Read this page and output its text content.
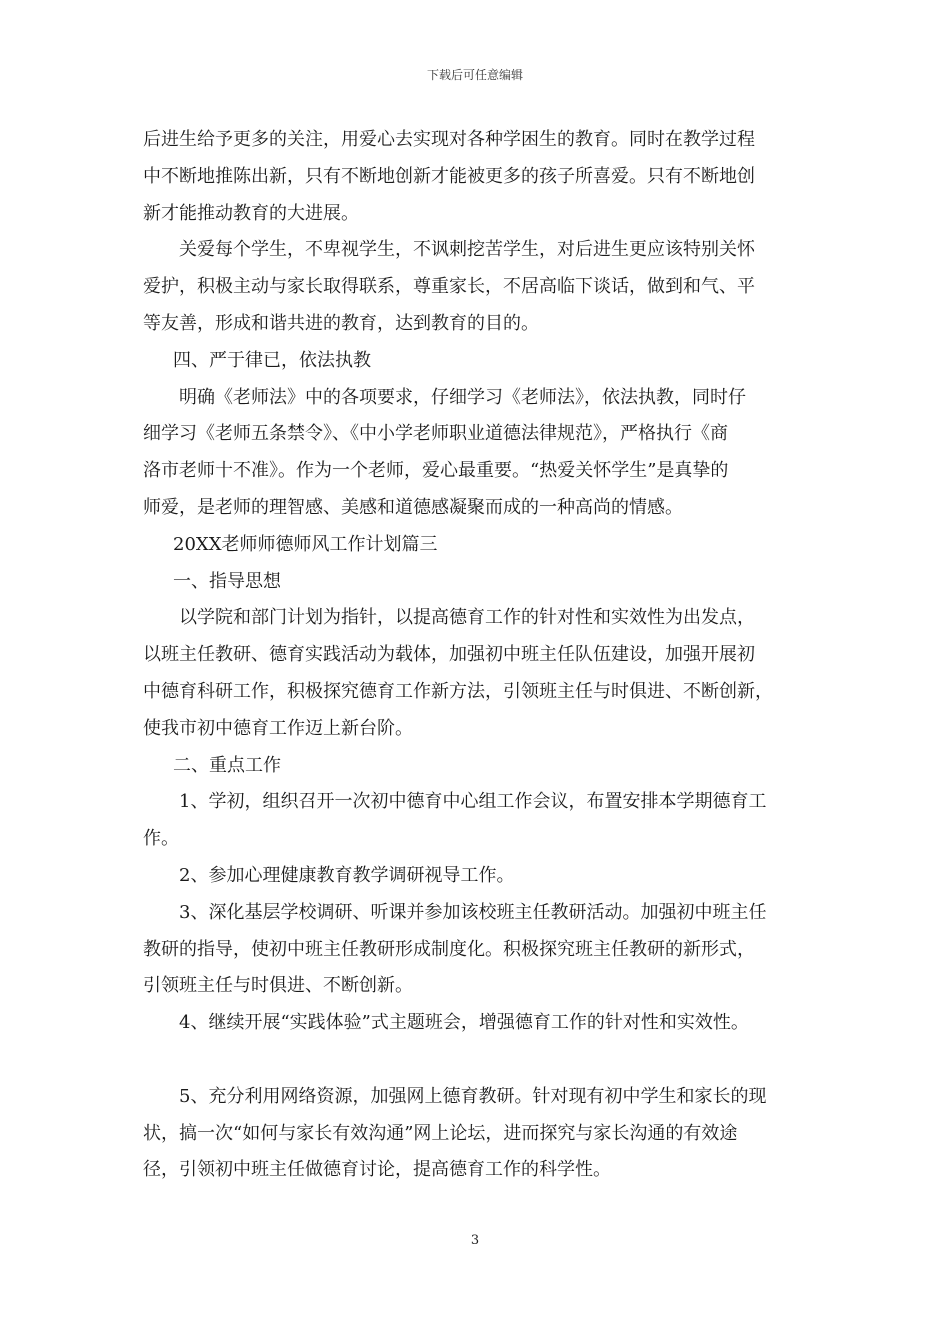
下载后可任意编辑
后进生给予更多的关注，用爱心去实现对各种学困生的教育。同时在教学过程
中不断地推陈出新，只有不断地创新才能被更多的孩子所喜爱。只有不断地创
新才能推动教育的大进展。
关爱每个学生，不卑视学生，不讽刺挖苦学生，对后进生更应该特别关怀
爱护，积极主动与家长取得联系，尊重家长，不居高临下谈话，做到和气、平
等友善，形成和谐共进的教育，达到教育的目的。
四、严于律已，依法执教
明确《老师法》中的各项要求，仔细学习《老师法》，依法执教，同时仔
细学习《老师五条禁令》、《中小学老师职业道德法律规范》，严格执行《商
洛市老师十不准》。作为一个老师，爱心最重要。“热爱关怀学生”是真挚的
师爱，是老师的理智感、美感和道德感凝聚而成的一种高尚的情感。
20XX老师师德师风工作计划篇三
一、指导思想
以学院和部门计划为指针，以提高德育工作的针对性和实效性为出发点，
以班主任教研、德育实践活动为载体，加强初中班主任队伍建设，加强开展初
中德育科研工作，积极探究德育工作新方法，引领班主任与时俱进、不断创新，
使我市初中德育工作迈上新台阶。
二、重点工作
1、学初，组织召开一次初中德育中心组工作会议，布置安排本学期德育工
作。
2、参加心理健康教育教学调研视导工作。
3、深化基层学校调研、听课并参加该校班主任教研活动。加强初中班主任
教研的指导，使初中班主任教研形成制度化。积极探究班主任教研的新形式，
引领班主任与时俱进、不断创新。
4、继续开展“实践体验”式主题班会，增强德育工作的针对性和实效性。
5、充分利用网络资源，加强网上德育教研。针对现有初中学生和家长的现
状，搞一次“如何与家长有效沟通”网上论坛，进而探究与家长沟通的有效途
径，引领初中班主任做德育讨论，提高德育工作的科学性。
3
